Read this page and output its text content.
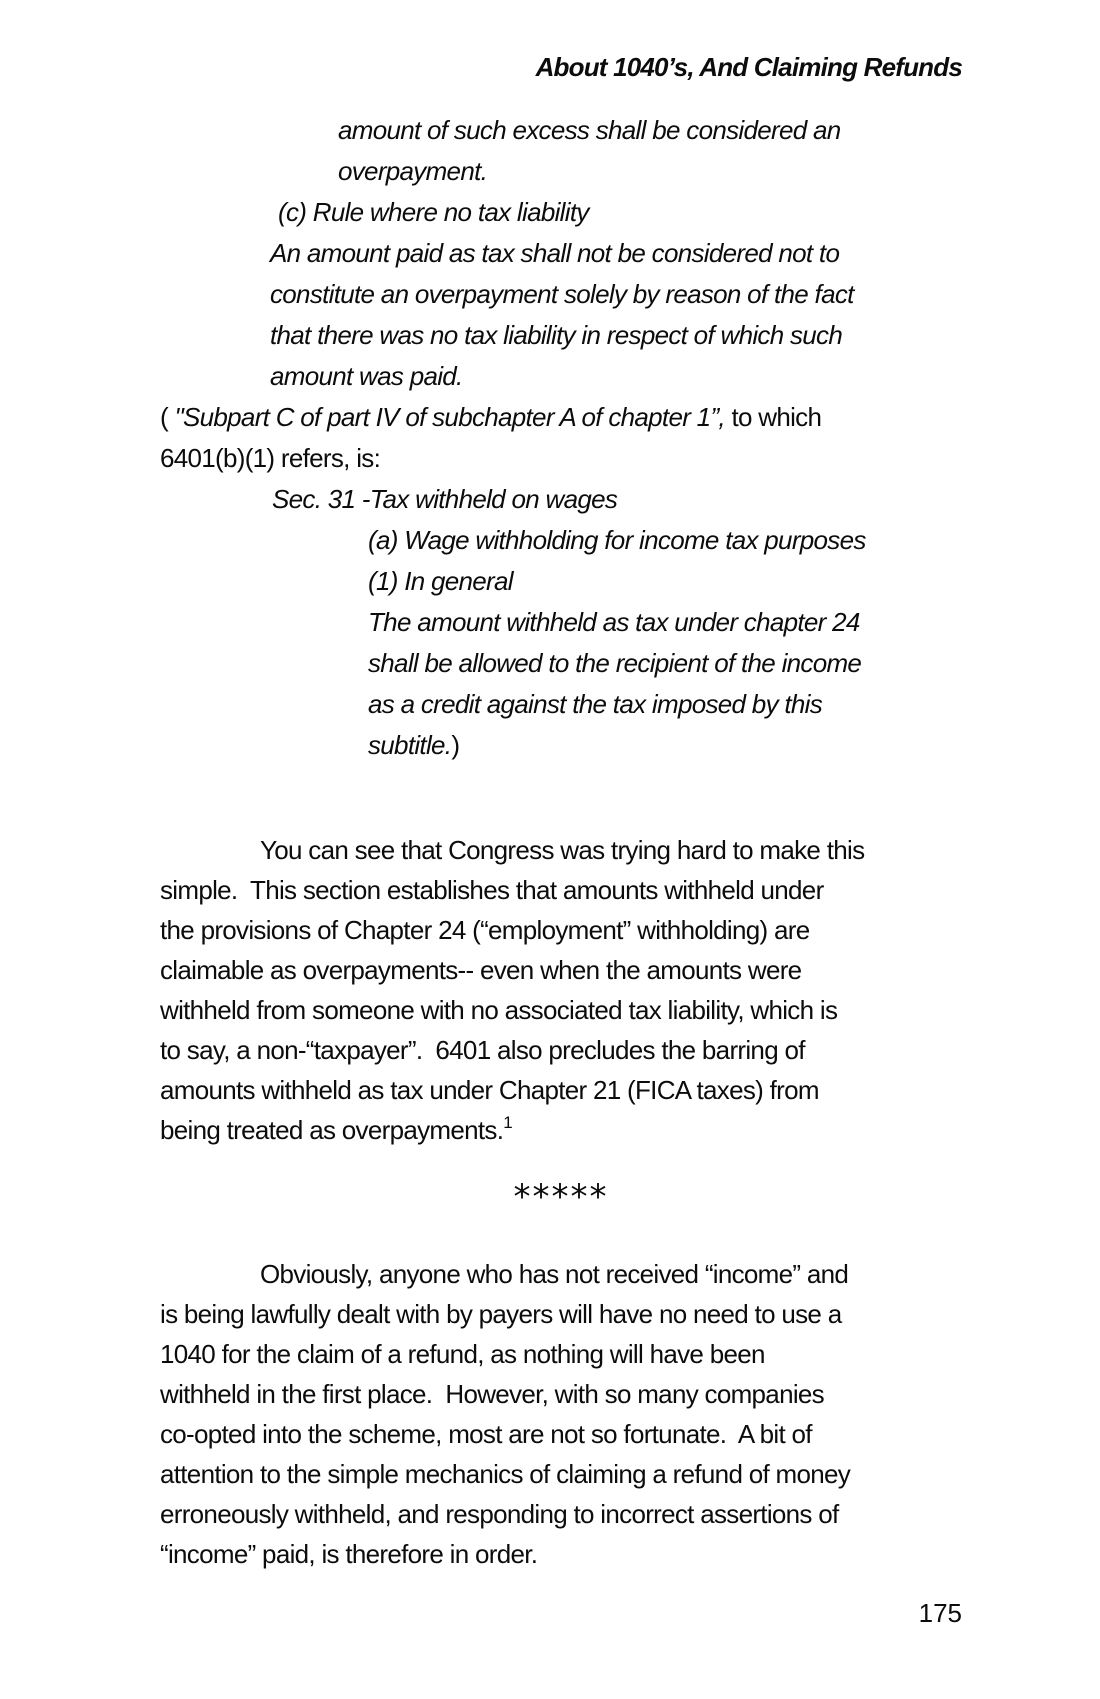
About 1040’s, And Claiming Refunds
amount of such excess shall be considered an
overpayment.
(c) Rule where no tax liability
An amount paid as tax shall not be considered not to
constitute an overpayment solely by reason of the fact
that there was no tax liability in respect of which such
amount was paid.
( "Subpart C of part IV of subchapter A of chapter 1”, to which
6401(b)(1) refers, is:
Sec. 31 -Tax withheld on wages
(a) Wage withholding for income tax purposes
(1) In general
The amount withheld as tax under chapter 24
shall be allowed to the recipient of the income
as a credit against the tax imposed by this
subtitle.)
You can see that Congress was trying hard to make this
simple.  This section establishes that amounts withheld under
the provisions of Chapter 24 (“employment” withholding) are
claimable as overpayments-- even when the amounts were
withheld from someone with no associated tax liability, which is
to say, a non-“taxpayer”.  6401 also precludes the barring of
amounts withheld as tax under Chapter 21 (FICA taxes) from
being treated as overpayments.$^1$
*****
Obviously, anyone who has not received “income” and
is being lawfully dealt with by payers will have no need to use a
1040 for the claim of a refund, as nothing will have been
withheld in the first place.  However, with so many companies
co-opted into the scheme, most are not so fortunate.  A bit of
attention to the simple mechanics of claiming a refund of money
erroneously withheld, and responding to incorrect assertions of
“income” paid, is therefore in order.
175
